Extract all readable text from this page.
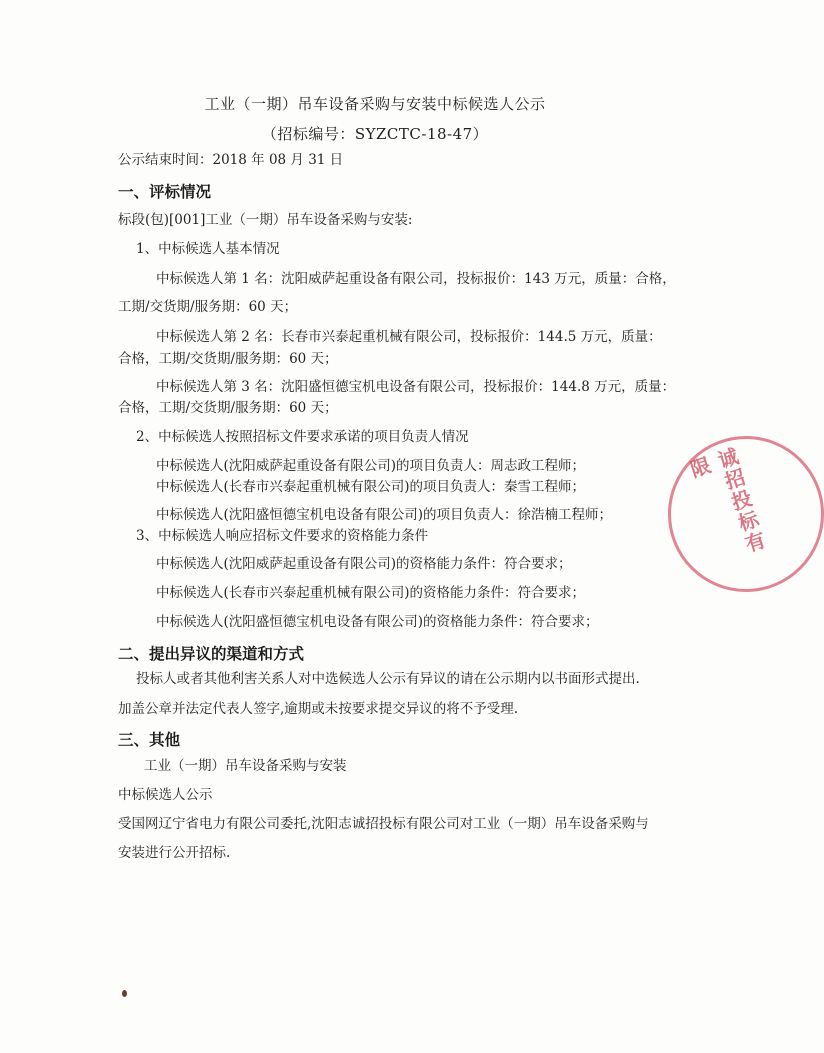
工业（一期）吊车设备采购与安装中标候选人公示
（招标编号：SYZCTC-18-47）
公示结束时间：2018 年 08 月 31 日
一、评标情况
标段(包)[001]工业（一期）吊车设备采购与安装:
1、中标候选人基本情况
中标候选人第 1 名：沈阳威萨起重设备有限公司，投标报价：143 万元，质量：合格，
工期/交货期/服务期：60 天；
中标候选人第 2 名：长春市兴泰起重机械有限公司，投标报价：144.5 万元，质量：
合格，工期/交货期/服务期：60 天；
中标候选人第 3 名：沈阳盛恒德宝机电设备有限公司，投标报价：144.8 万元，质量：
合格，工期/交货期/服务期：60 天；
2、中标候选人按照招标文件要求承诺的项目负责人情况
中标候选人(沈阳威萨起重设备有限公司)的项目负责人：周志政工程师；
中标候选人(长春市兴泰起重机械有限公司)的项目负责人：秦雪工程师；
中标候选人(沈阳盛恒德宝机电设备有限公司)的项目负责人：徐浩楠工程师；
3、中标候选人响应招标文件要求的资格能力条件
中标候选人(沈阳威萨起重设备有限公司)的资格能力条件：符合要求；
中标候选人(长春市兴泰起重机械有限公司)的资格能力条件：符合要求；
中标候选人(沈阳盛恒德宝机电设备有限公司)的资格能力条件：符合要求；
二、提出异议的渠道和方式
投标人或者其他利害关系人对中选候选人公示有异议的请在公示期内以书面形式提出.
加盖公章并法定代表人签字,逾期或未按要求提交异议的将不予受理.
三、其他
工业（一期）吊车设备采购与安装
中标候选人公示
受国网辽宁省电力有限公司委托,沈阳志诚招投标有限公司对工业（一期）吊车设备采购与
安装进行公开招标.
诚招投标有限
